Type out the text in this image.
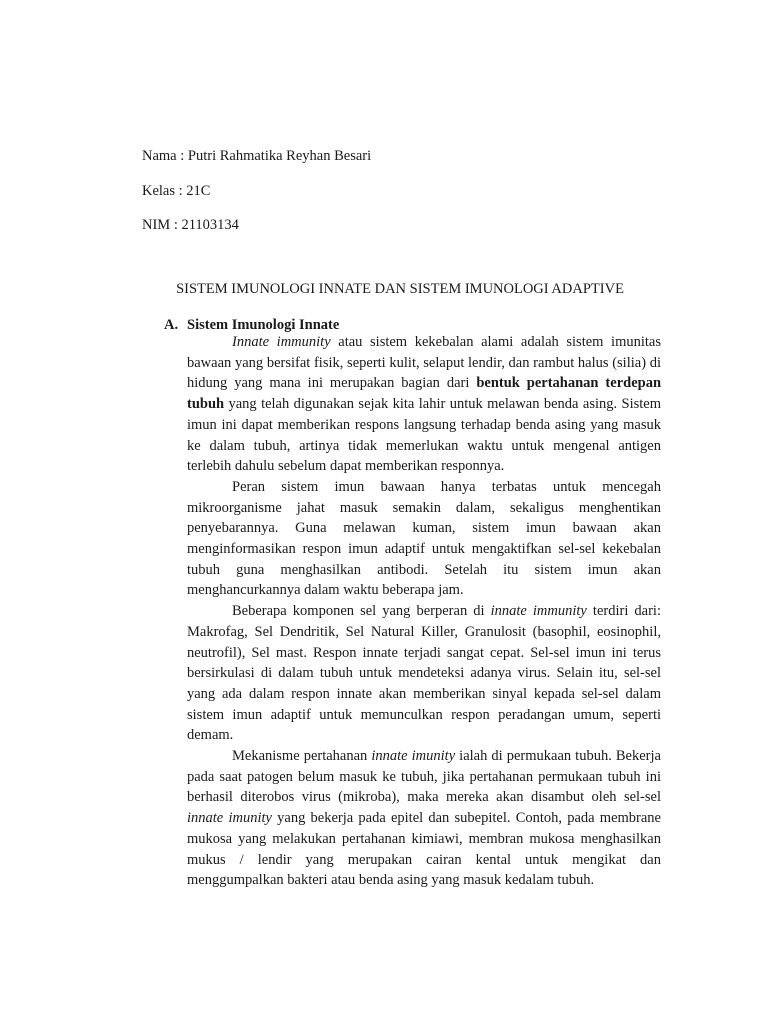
Nama : Putri Rahmatika Reyhan Besari
Kelas : 21C
NIM : 21103134
SISTEM IMUNOLOGI INNATE DAN SISTEM IMUNOLOGI ADAPTIVE
A. Sistem Imunologi Innate

Innate immunity atau sistem kekebalan alami adalah sistem imunitas bawaan yang bersifat fisik, seperti kulit, selaput lendir, dan rambut halus (silia) di hidung yang mana ini merupakan bagian dari bentuk pertahanan terdepan tubuh yang telah digunakan sejak kita lahir untuk melawan benda asing. Sistem imun ini dapat memberikan respons langsung terhadap benda asing yang masuk ke dalam tubuh, artinya tidak memerlukan waktu untuk mengenal antigen terlebih dahulu sebelum dapat memberikan responnya.

Peran sistem imun bawaan hanya terbatas untuk mencegah mikroorganisme jahat masuk semakin dalam, sekaligus menghentikan penyebarannya. Guna melawan kuman, sistem imun bawaan akan menginformasikan respon imun adaptif untuk mengaktifkan sel-sel kekebalan tubuh guna menghasilkan antibodi. Setelah itu sistem imun akan menghancurkannya dalam waktu beberapa jam.

Beberapa komponen sel yang berperan di innate immunity terdiri dari: Makrofag, Sel Dendritik, Sel Natural Killer, Granulosit (basophil, eosinophil, neutrofil), Sel mast. Respon innate terjadi sangat cepat. Sel-sel imun ini terus bersirkulasi di dalam tubuh untuk mendeteksi adanya virus. Selain itu, sel-sel yang ada dalam respon innate akan memberikan sinyal kepada sel-sel dalam sistem imun adaptif untuk memunculkan respon peradangan umum, seperti demam.

Mekanisme pertahanan innate imunity ialah di permukaan tubuh. Bekerja pada saat patogen belum masuk ke tubuh, jika pertahanan permukaan tubuh ini berhasil diterobos virus (mikroba), maka mereka akan disambut oleh sel-sel innate imunity yang bekerja pada epitel dan subepitel. Contoh, pada membrane mukosa yang melakukan pertahanan kimiawi, membran mukosa menghasilkan mukus / lendir yang merupakan cairan kental untuk mengikat dan menggumpalkan bakteri atau benda asing yang masuk kedalam tubuh.
